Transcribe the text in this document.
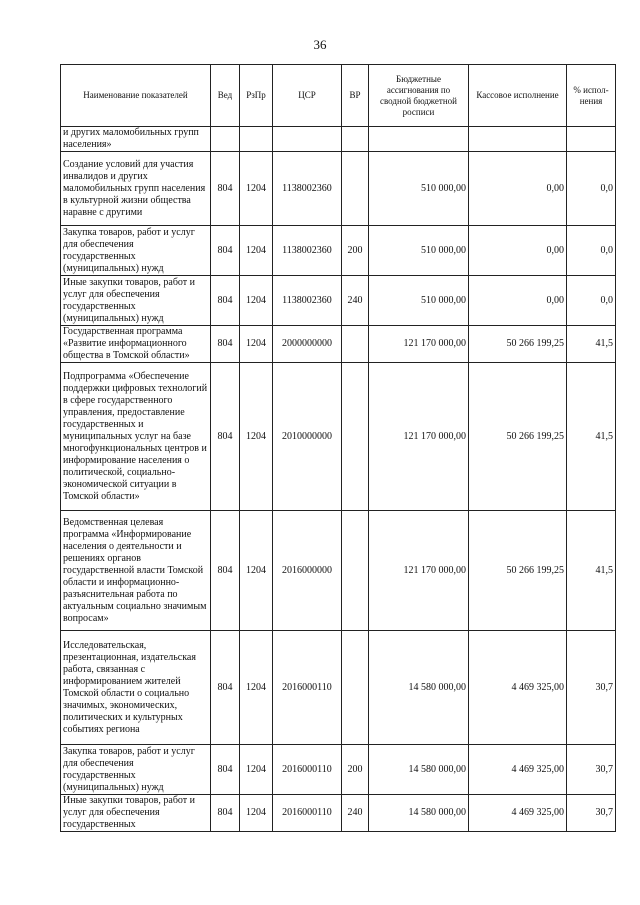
36
Наименование показателей	Вед	РзПр	ЦСР	ВР	Бюджетные ассигнования по сводной бюджетной росписи	Кассовое исполнение	% испол-нения
и других маломобильных групп населения»							
Создание условий для участия инвалидов и других маломобильных групп населения в культурной жизни общества наравне с другими	804	1204	1138002360		510 000,00	0,00	0,0
Закупка товаров, работ и услуг для обеспечения государственных (муниципальных) нужд	804	1204	1138002360	200	510 000,00	0,00	0,0
Иные закупки товаров, работ и услуг для обеспечения государственных (муниципальных) нужд	804	1204	1138002360	240	510 000,00	0,00	0,0
Государственная программа «Развитие информационного общества в Томской области»	804	1204	2000000000		121 170 000,00	50 266 199,25	41,5
Подпрограмма «Обеспечение поддержки цифровых технологий в сфере государственного управления, предоставление государственных и муниципальных услуг на базе многофункциональных центров и информирование населения о политической, социально-экономической ситуации в Томской области»	804	1204	2010000000		121 170 000,00	50 266 199,25	41,5
Ведомственная целевая программа «Информирование населения о деятельности и решениях органов государственной власти Томской области и информационно-разъяснительная работа по актуальным социально значимым вопросам»	804	1204	2016000000		121 170 000,00	50 266 199,25	41,5
Исследовательская, презентационная, издательская работа, связанная с информированием жителей Томской области о социально значимых, экономических, политических и культурных событиях региона	804	1204	2016000110		14 580 000,00	4 469 325,00	30,7
Закупка товаров, работ и услуг для обеспечения государственных (муниципальных) нужд	804	1204	2016000110	200	14 580 000,00	4 469 325,00	30,7
Иные закупки товаров, работ и услуг для обеспечения государственных	804	1204	2016000110	240	14 580 000,00	4 469 325,00	30,7
